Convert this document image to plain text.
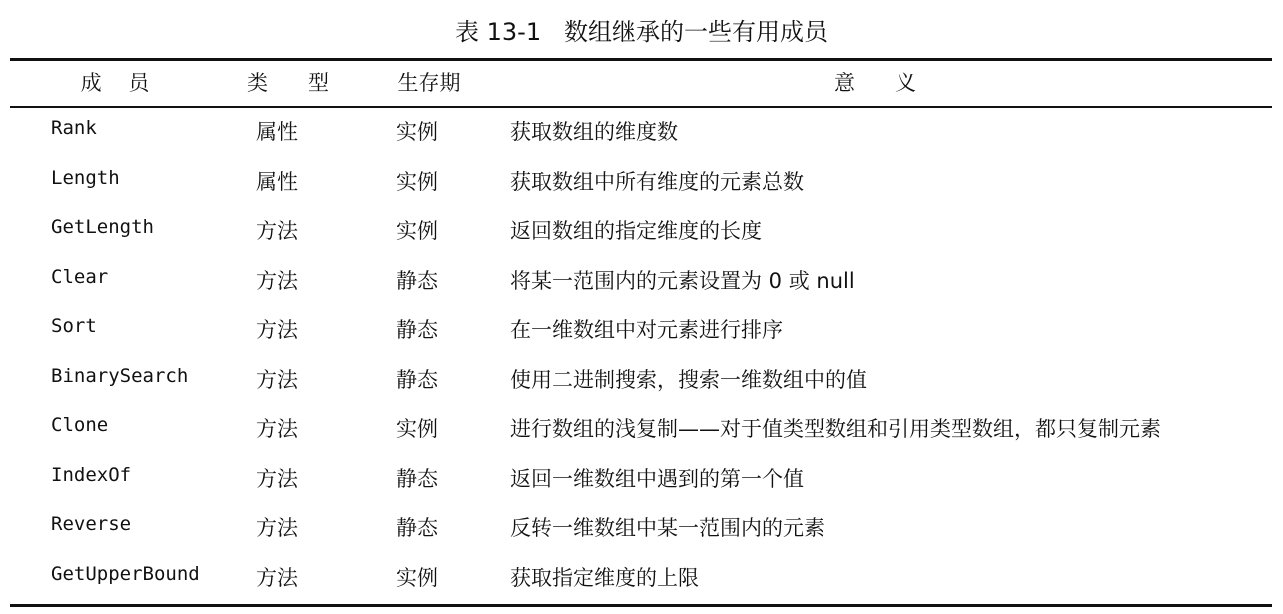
表 13-1   数组继承的一些有用成员
成    员	类      型	生存期	意      义
Rank	属性	实例	获取数组的维度数
Length	属性	实例	获取数组中所有维度的元素总数
GetLength	方法	实例	返回数组的指定维度的长度
Clear	方法	静态	将某一范围内的元素设置为 0 或 null
Sort	方法	静态	在一维数组中对元素进行排序
BinarySearch	方法	静态	使用二进制搜索，搜索一维数组中的值
Clone	方法	实例	进行数组的浅复制——对于值类型数组和引用类型数组，都只复制元素
IndexOf	方法	静态	返回一维数组中遇到的第一个值
Reverse	方法	静态	反转一维数组中某一范围内的元素
GetUpperBound	方法	实例	获取指定维度的上限
